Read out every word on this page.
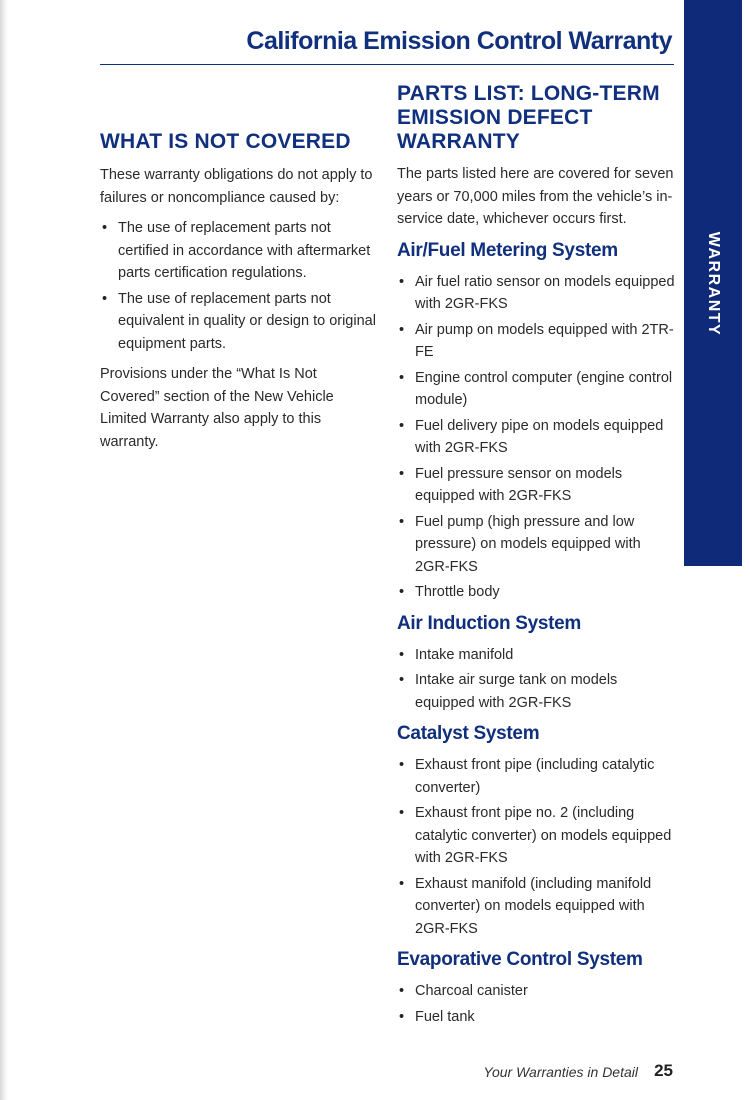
California Emission Control Warranty
WARRANTY
WHAT IS NOT COVERED

These warranty obligations do not apply to failures or noncompliance caused by:

• The use of replacement parts not certified in accordance with aftermarket parts certification regulations.
• The use of replacement parts not equivalent in quality or design to original equipment parts.

Provisions under the “What Is Not Covered” section of the New Vehicle Limited Warranty also apply to this warranty.

PARTS LIST: LONG-TERM EMISSION DEFECT WARRANTY

The parts listed here are covered for seven years or 70,000 miles from the vehicle’s in-service date, whichever occurs first.

Air/Fuel Metering System
• Air fuel ratio sensor on models equipped with 2GR-FKS
• Air pump on models equipped with 2TR-FE
• Engine control computer (engine control module)
• Fuel delivery pipe on models equipped with 2GR-FKS
• Fuel pressure sensor on models equipped with 2GR-FKS
• Fuel pump (high pressure and low pressure) on models equipped with 2GR-FKS
• Throttle body
Air Induction System
• Intake manifold
• Intake air surge tank on models equipped with 2GR-FKS
Catalyst System
• Exhaust front pipe (including catalytic converter)
• Exhaust front pipe no. 2 (including catalytic converter) on models equipped with 2GR-FKS
• Exhaust manifold (including manifold converter) on models equipped with 2GR-FKS
Evaporative Control System
• Charcoal canister
• Fuel tank
Your Warranties in Detail 25
